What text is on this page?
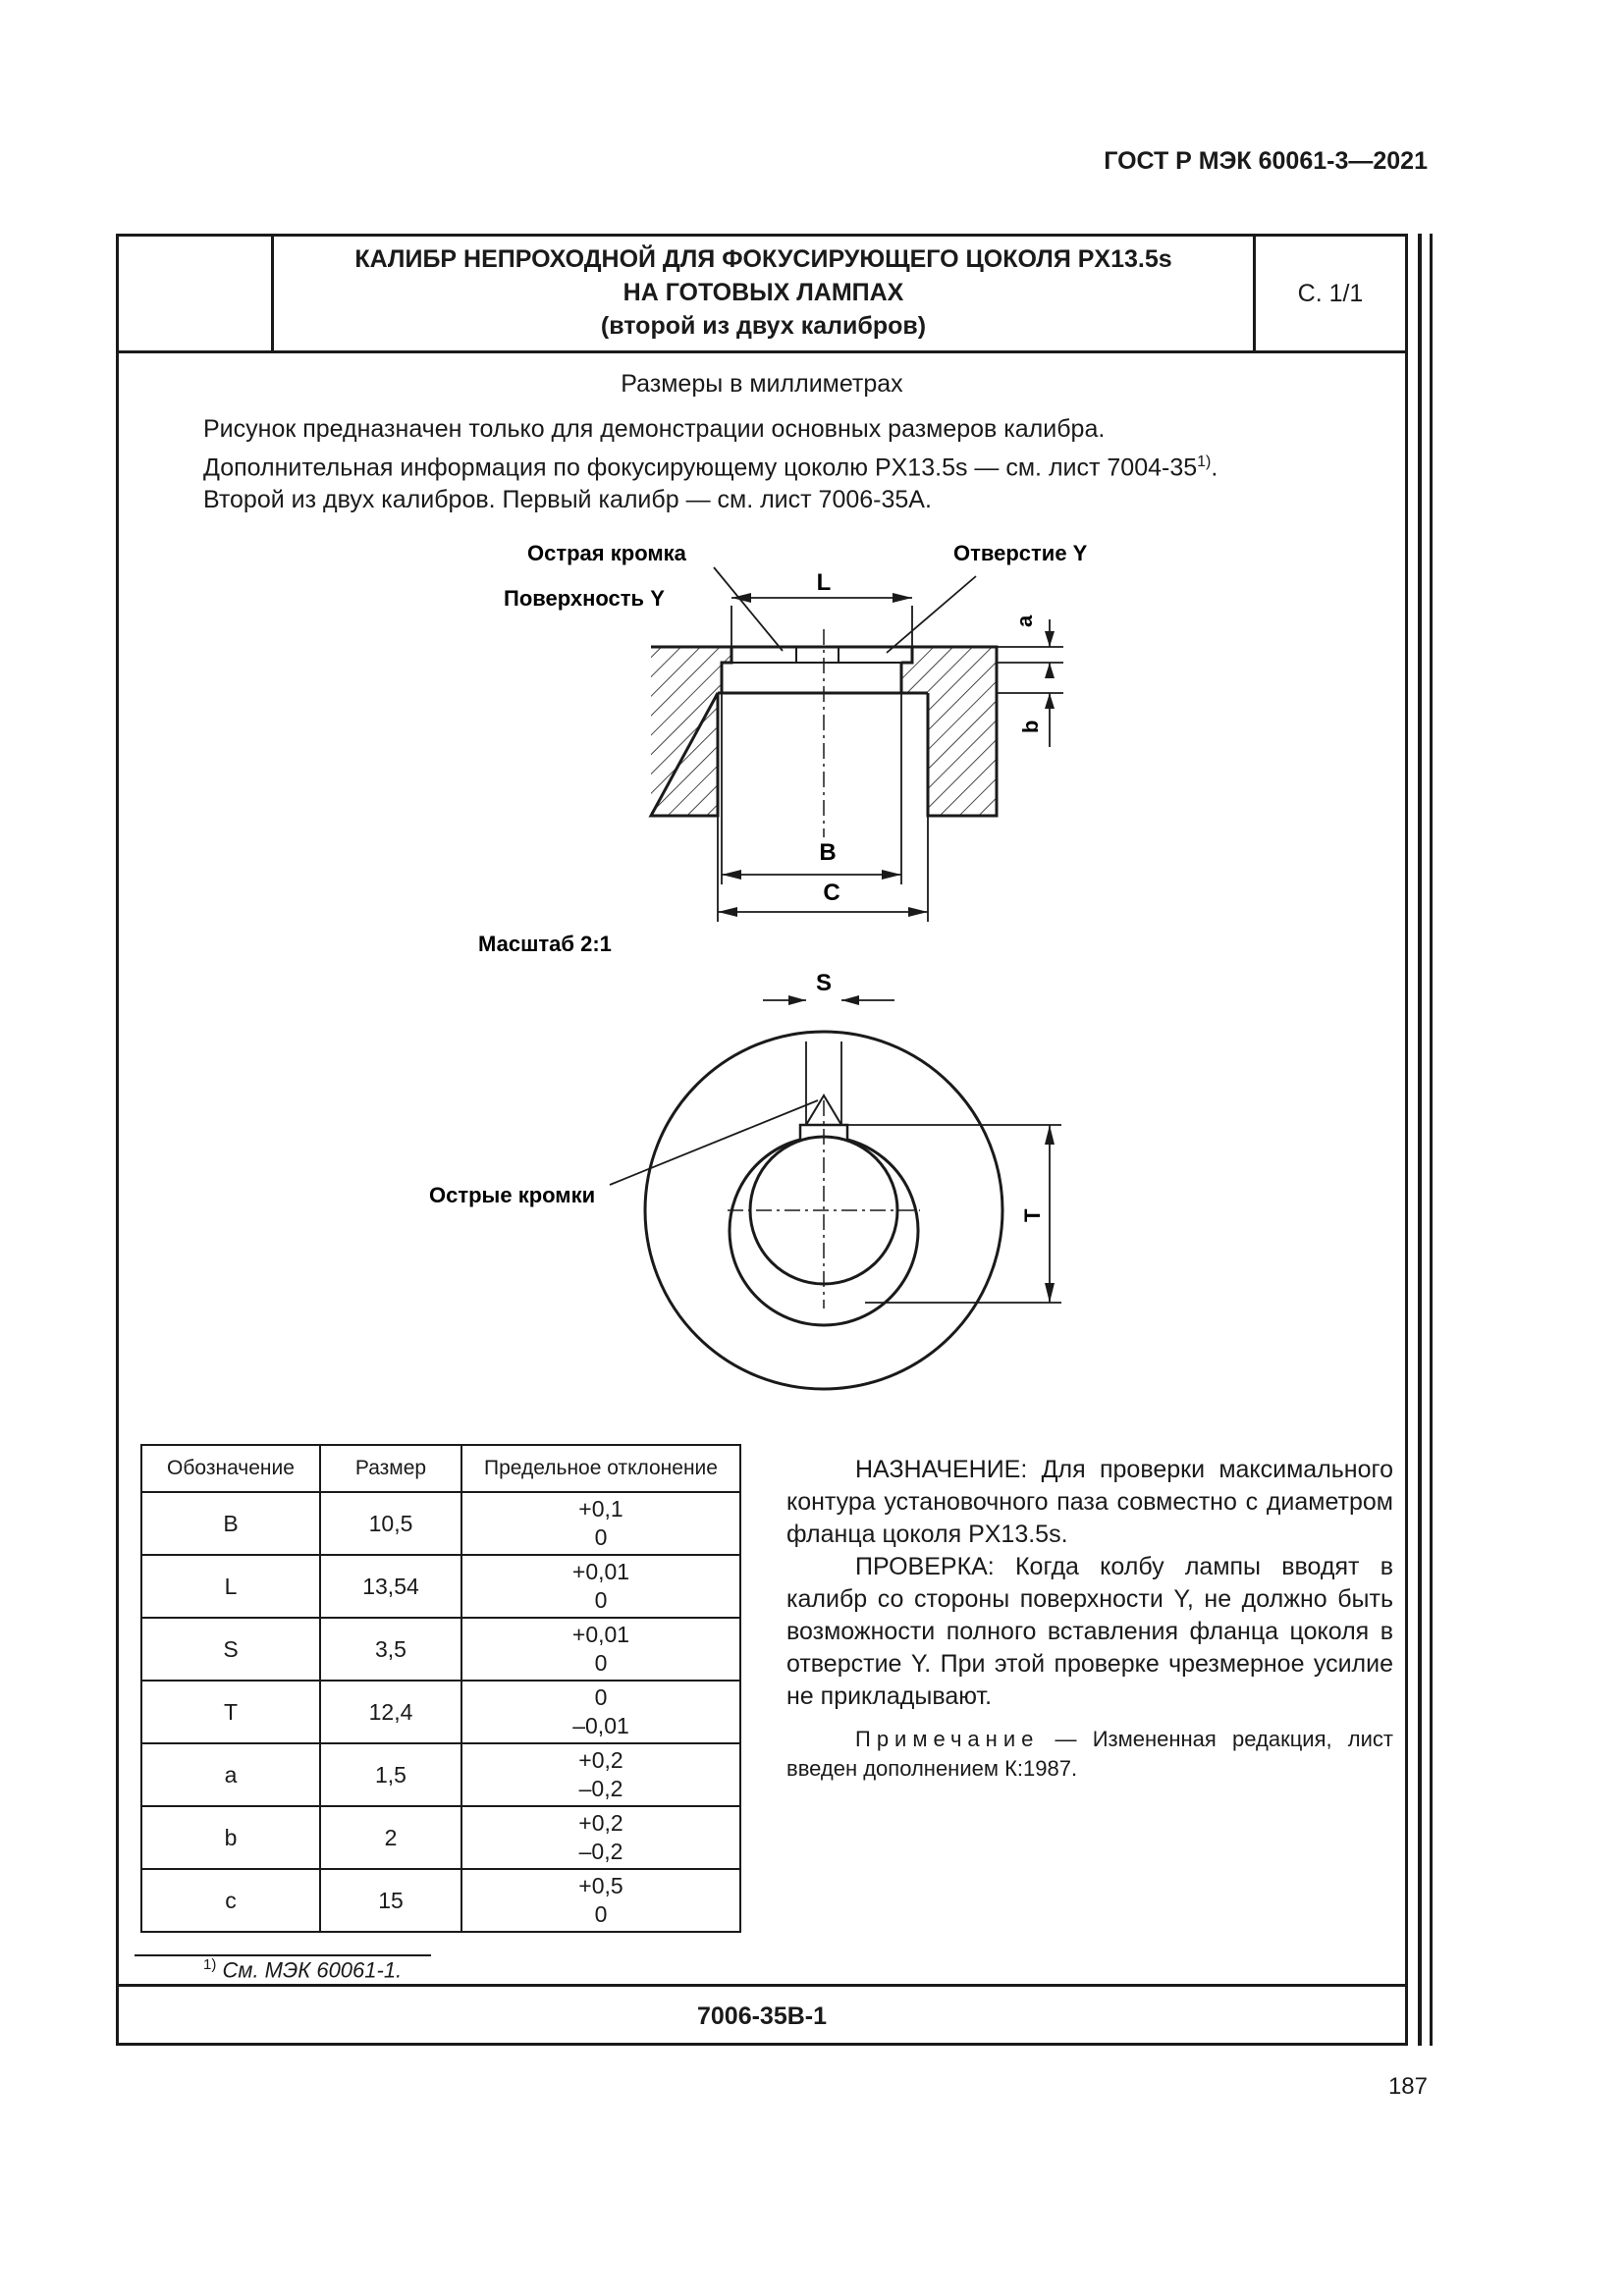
ГОСТ Р МЭК 60061-3—2021
КАЛИБР НЕПРОХОДНОЙ ДЛЯ ФОКУСИРУЮЩЕГО ЦОКОЛЯ PX13.5s
НА ГОТОВЫХ ЛАМПАХ
(второй из двух калибров)
С. 1/1
Размеры в миллиметрах
Рисунок предназначен только для демонстрации основных размеров калибра.
Дополнительная информация по фокусирующему цоколю PX13.5s — см. лист 7004-35$^{1)}$.
Второй из двух калибров. Первый калибр — см. лист 7006-35A.
L
Острая кромка
Поверхность Y
Отверстие Y
a
b
B
C
Масштаб 2:1
S
T
Острые кромки
Обозначение	Размер	Предельное отклонение
B	10,5	+0,1
0

L	13,54	+0,01
0

S	3,5	+0,01
0

T	12,4	0
–0,01

a	1,5	+0,2
–0,2

b	2	+0,2
–0,2

c	15	+0,5
0

НАЗНАЧЕНИЕ: Для проверки максимального контура установочного паза совместно с диаметром фланца цоколя PX13.5s.

ПРОВЕРКА: Когда колбу лампы вводят в калибр со стороны поверхности Y, не должно быть возможности полного вставления фланца цоколя в отверстие Y. При этой проверке чрезмерное усилие не прикладывают.

Примечание — Измененная редакция, лист введен дополнением К:1987.

$^{1)}$ См. МЭК 60061-1.
7006-35B-1
187
